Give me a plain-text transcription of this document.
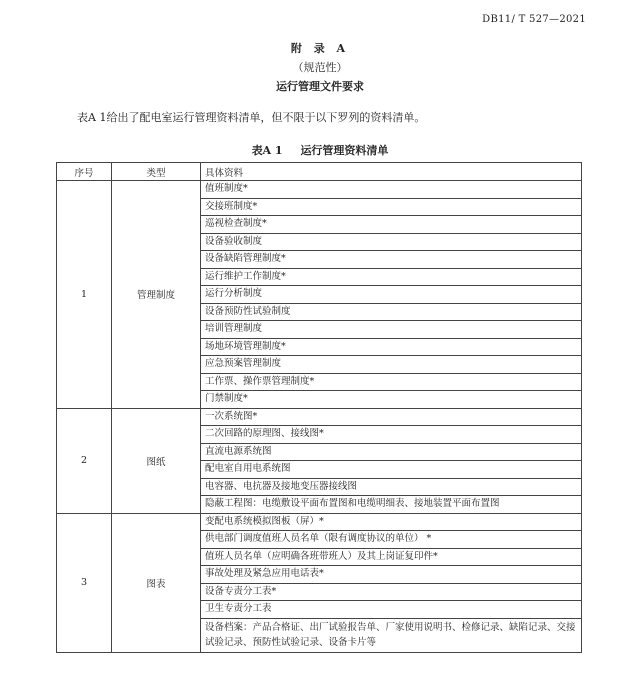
DB11/ T 527—2021
附 录 A
（规范性）
运行管理文件要求
表A 1给出了配电室运行管理资料清单，但不限于以下罗列的资料清单。
表A 1 运行管理资料清单
序号	类型	具体资料
1	管理制度	值班制度*
		交接班制度*
		巡视检查制度*
		设备验收制度
		设备缺陷管理制度*
		运行维护工作制度*
		运行分析制度
		设备预防性试验制度
		培训管理制度
		场地环境管理制度*
		应急预案管理制度
		工作票、操作票管理制度*
		门禁制度*
2	图纸	一次系统图*
		二次回路的原理图、接线图*
		直流电源系统图
		配电室自用电系统图
		电容器、电抗器及接地变压器接线图
		隐蔽工程图：电缆敷设平面布置图和电缆明细表、接地装置平面布置图
3	图表	变配电系统模拟图板（屏）*
		供电部门调度值班人员名单（限有调度协议的单位） *
		值班人员名单（应明确各班带班人）及其上岗证复印件*
		事故处理及紧急应用电话表*
		设备专责分工表*
		卫生专责分工表
		设备档案：产品合格证、出厂试验报告单、厂家使用说明书、检修记录、缺陷记录、交接试验记录、预防性试验记录、设备卡片等
